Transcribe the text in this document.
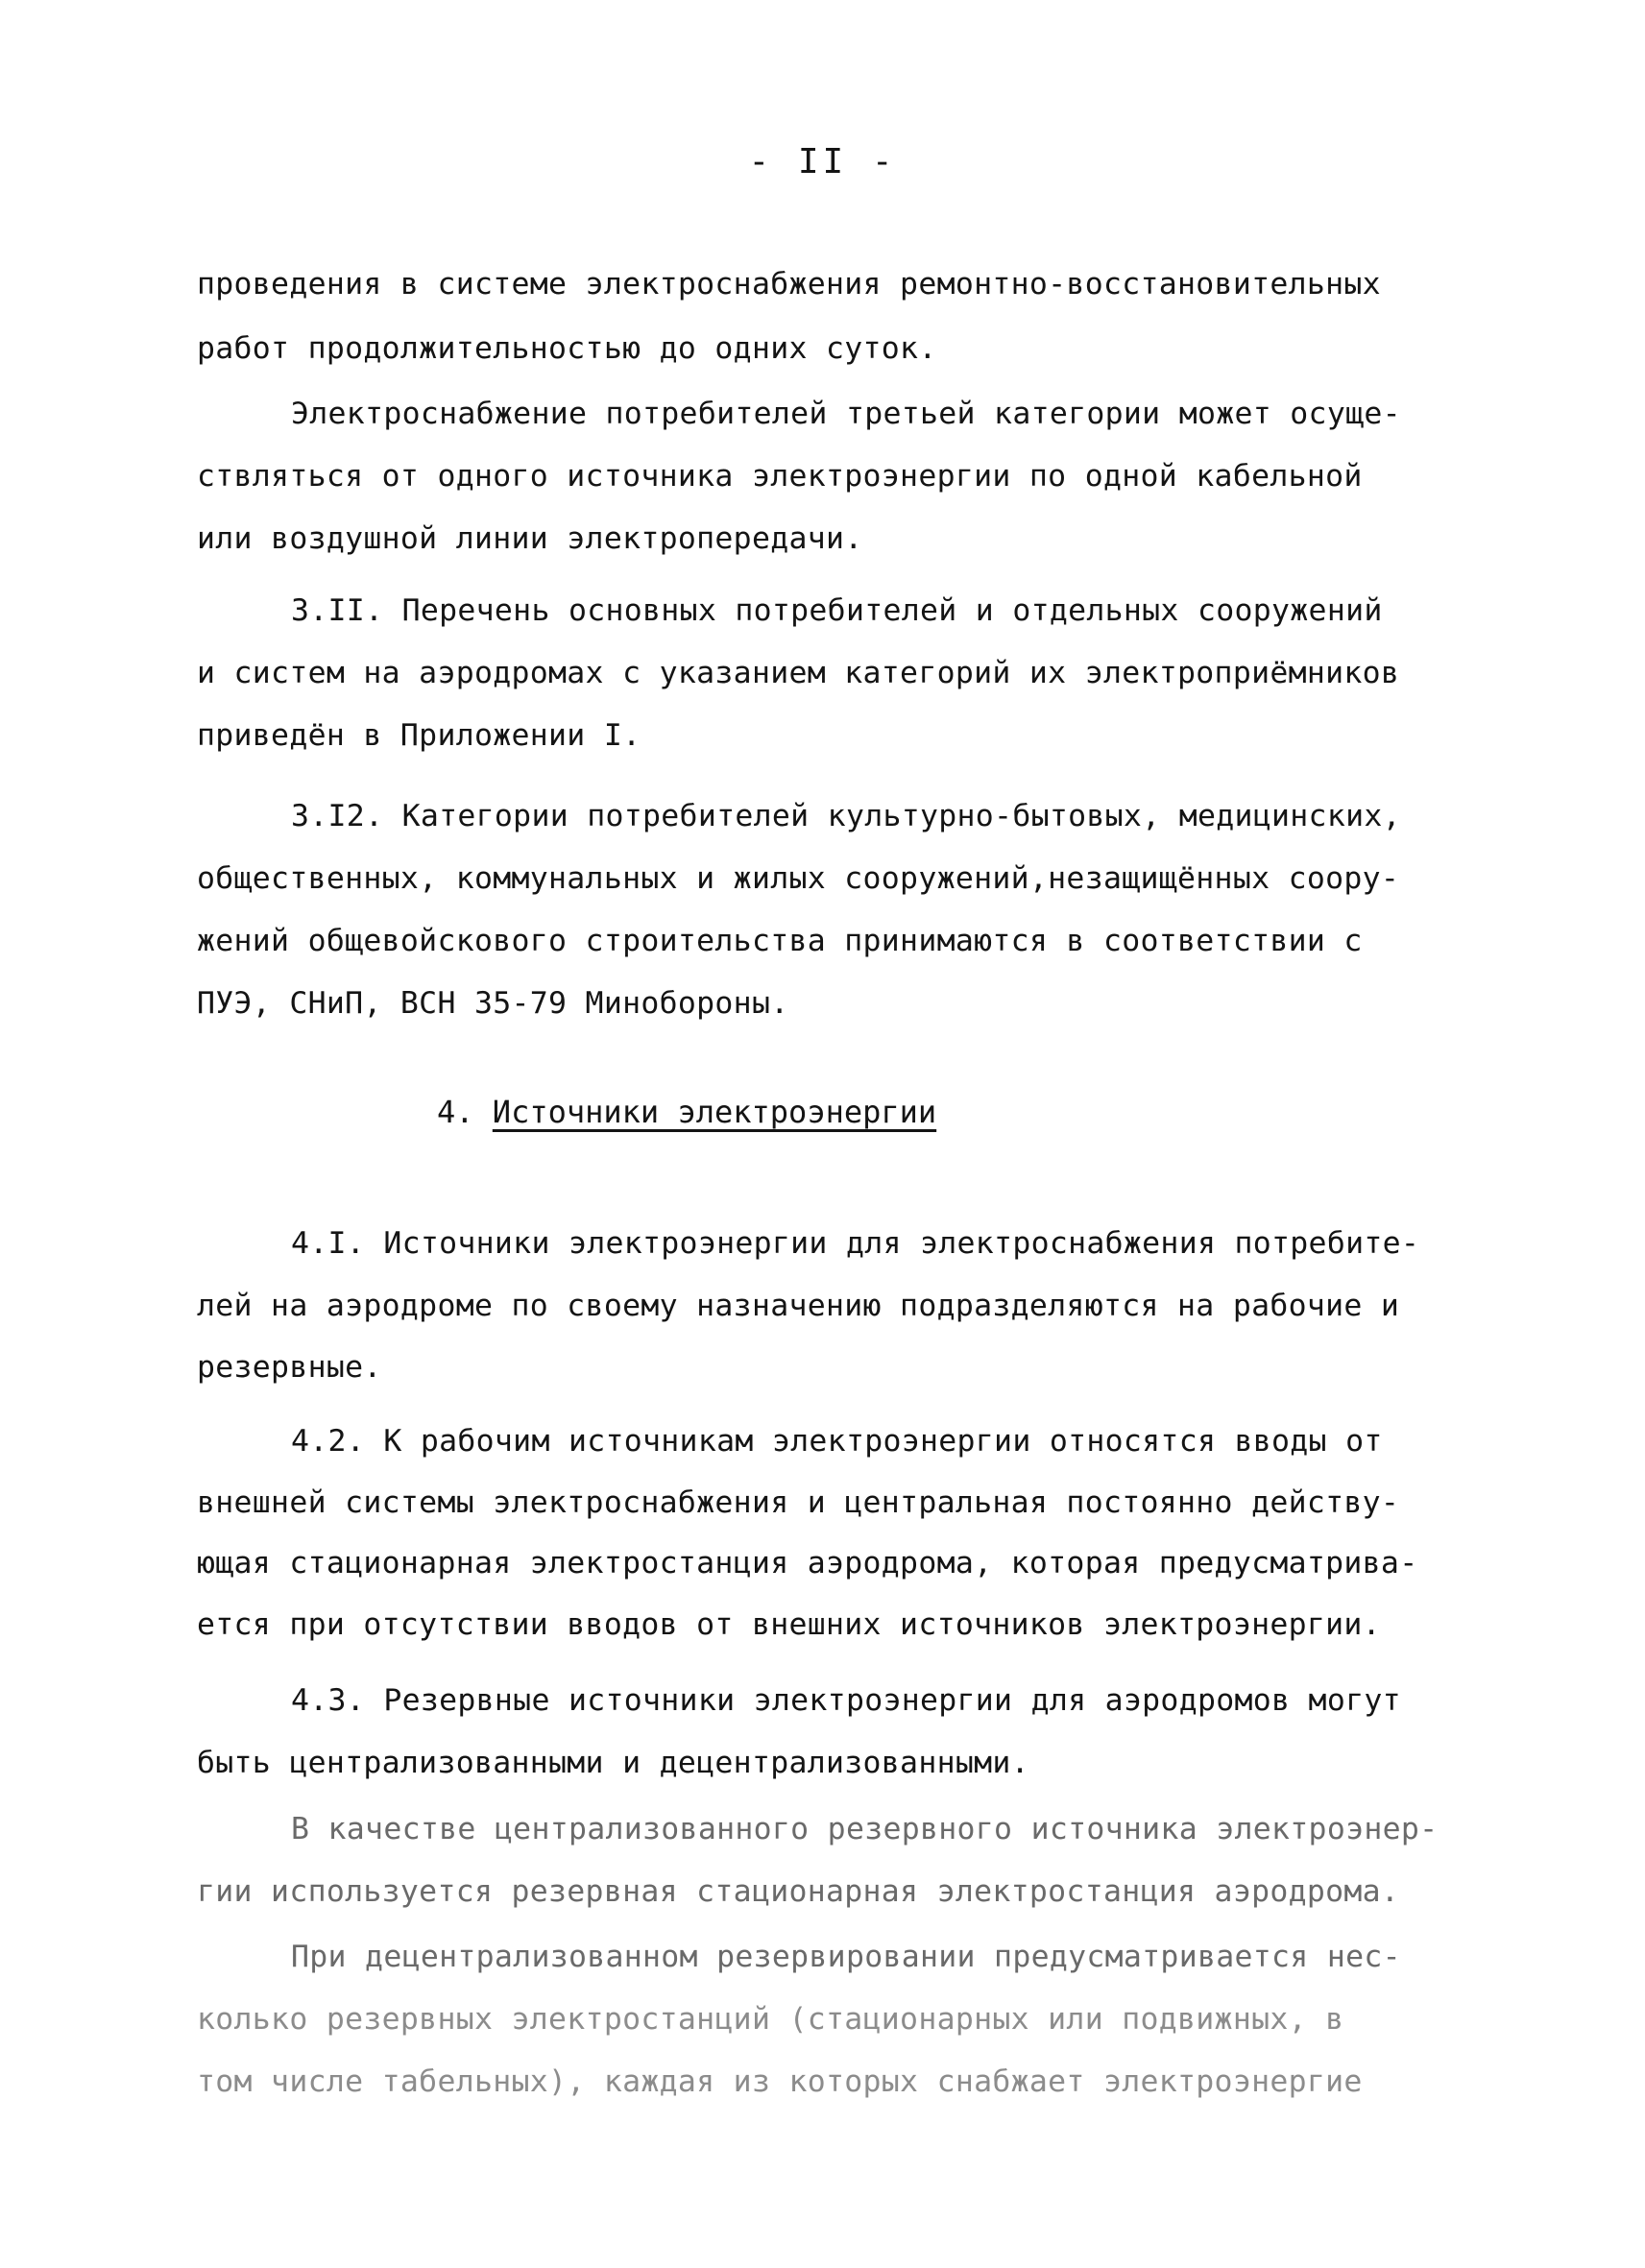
- II -
проведения в системе электроснабжения ремонтно-восстановительных
работ продолжительностью до одних суток.
Электроснабжение потребителей третьей категории может осуще-
ствляться от одного источника электроэнергии по одной кабельной
или воздушной линии электропередачи.
3.II. Перечень основных потребителей и отдельных сооружений
и систем на аэродромах с указанием категорий их электроприёмников
приведён в Приложении I.
3.I2. Категории потребителей культурно-бытовых, медицинских,
общественных, коммунальных и жилых сооружений,незащищённых соору-
жений общевойскового строительства принимаются в соответствии с
ПУЭ, СНиП, ВСН 35-79 Минобороны.
4. Источники электроэнергии
4.I. Источники электроэнергии для электроснабжения потребите-
лей на аэродроме по своему назначению подразделяются на рабочие и
резервные.
4.2. К рабочим источникам электроэнергии относятся вводы от
внешней системы электроснабжения и центральная постоянно действу-
ющая стационарная электростанция аэродрома, которая предусматрива-
ется при отсутствии вводов от внешних источников электроэнергии.
4.3. Резервные источники электроэнергии для аэродромов могут
быть централизованными и децентрализованными.
В качестве централизованного резервного источника электроэнер-
гии используется резервная стационарная электростанция аэродрома.
При децентрализованном резервировании предусматривается нес-
колько резервных электростанций (стационарных или подвижных, в
том числе табельных), каждая из которых снабжает электроэнергие
